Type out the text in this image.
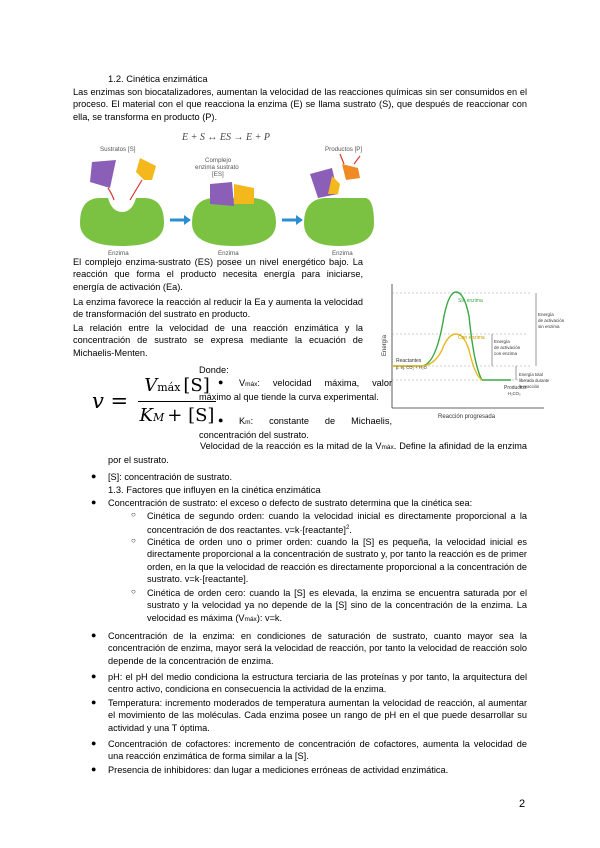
1.2. Cinética enzimática
Las enzimas son biocatalizadores, aumentan la velocidad de las reacciones químicas sin ser consumidos en el proceso. El material con el que reacciona la enzima (E) se llama sustrato (S), que después de reaccionar con ella, se transforma en producto (P).
E + S ↔ ES → E + P
Sustratos [S]
Complejo
enzima sustrato
[ES]
Productos [P]
Enzima	Enzima	Enzima
El complejo enzima-sustrato (ES) posee un nivel energético bajo. La reacción que forma el producto necesita energía para iniciarse, energía de activación (Ea).
La enzima favorece la reacción al reducir la Ea y aumenta la velocidad de transformación del sustrato en producto.
La relación entre la velocidad de una reacción enzimática y la concentración de sustrato se expresa mediante la ecuación de Michaelis-Menten.	Energía
Reacción progresada
Sin enzima
Con enzima
Energía
de activación
sin enzima
Energía
de activación
con enzima
Energía total
liberada durante
la reacción
Reactantes
p. ej. CO₂ + H₂O
Productos
H₂CO₃
v =
Vmáx [S]
KM + [S]
Donde:
●	Vmáx: velocidad máxima, valor máximo al que tiende la curva experimental.
●	Km: constante de Michaelis, concentración del sustrato.
Velocidad de la reacción es la mitad de la Vmáx. Define la afinidad de la enzima por el sustrato.
● [S]: concentración de sustrato.
1.3. Factores que influyen en la cinética enzimática
● Concentración de sustrato: el exceso o defecto de sustrato determina que la cinética sea:
○ Cinética de segundo orden: cuando la velocidad inicial es directamente proporcional a la concentración de dos reactantes. v=k·[reactante]$^2$.
○ Cinética de orden uno o primer orden: cuando la [S] es pequeña, la velocidad inicial es directamente proporcional a la concentración de sustrato y, por tanto la reacción es de primer orden, en la que la velocidad de reacción es directamente proporcional a la concentración de sustrato. v=k·[reactante].
○ Cinética de orden cero: cuando la [S] es elevada, la enzima se encuentra saturada por el sustrato y la velocidad ya no depende de la [S] sino de la concentración de la enzima. La velocidad es máxima (Vmáx): v=k.
● Concentración de la enzima: en condiciones de saturación de sustrato, cuanto mayor sea la concentración de enzima, mayor será la velocidad de reacción, por tanto la velocidad de reacción solo depende de la concentración de enzima.
● pH: el pH del medio condiciona la estructura terciaria de las proteínas y por tanto, la arquitectura del centro activo, condiciona en consecuencia la actividad de la enzima.
● Temperatura: incremento moderados de temperatura aumentan la velocidad de reacción, al aumentar el movimiento de las moléculas. Cada enzima posee un rango de pH en el que puede desarrollar su actividad y una T óptima.
● Concentración de cofactores: incremento de concentración de cofactores, aumenta la velocidad de una reacción enzimática de forma similar a la [S].
● Presencia de inhibidores: dan lugar a mediciones erróneas de actividad enzimática.
2
